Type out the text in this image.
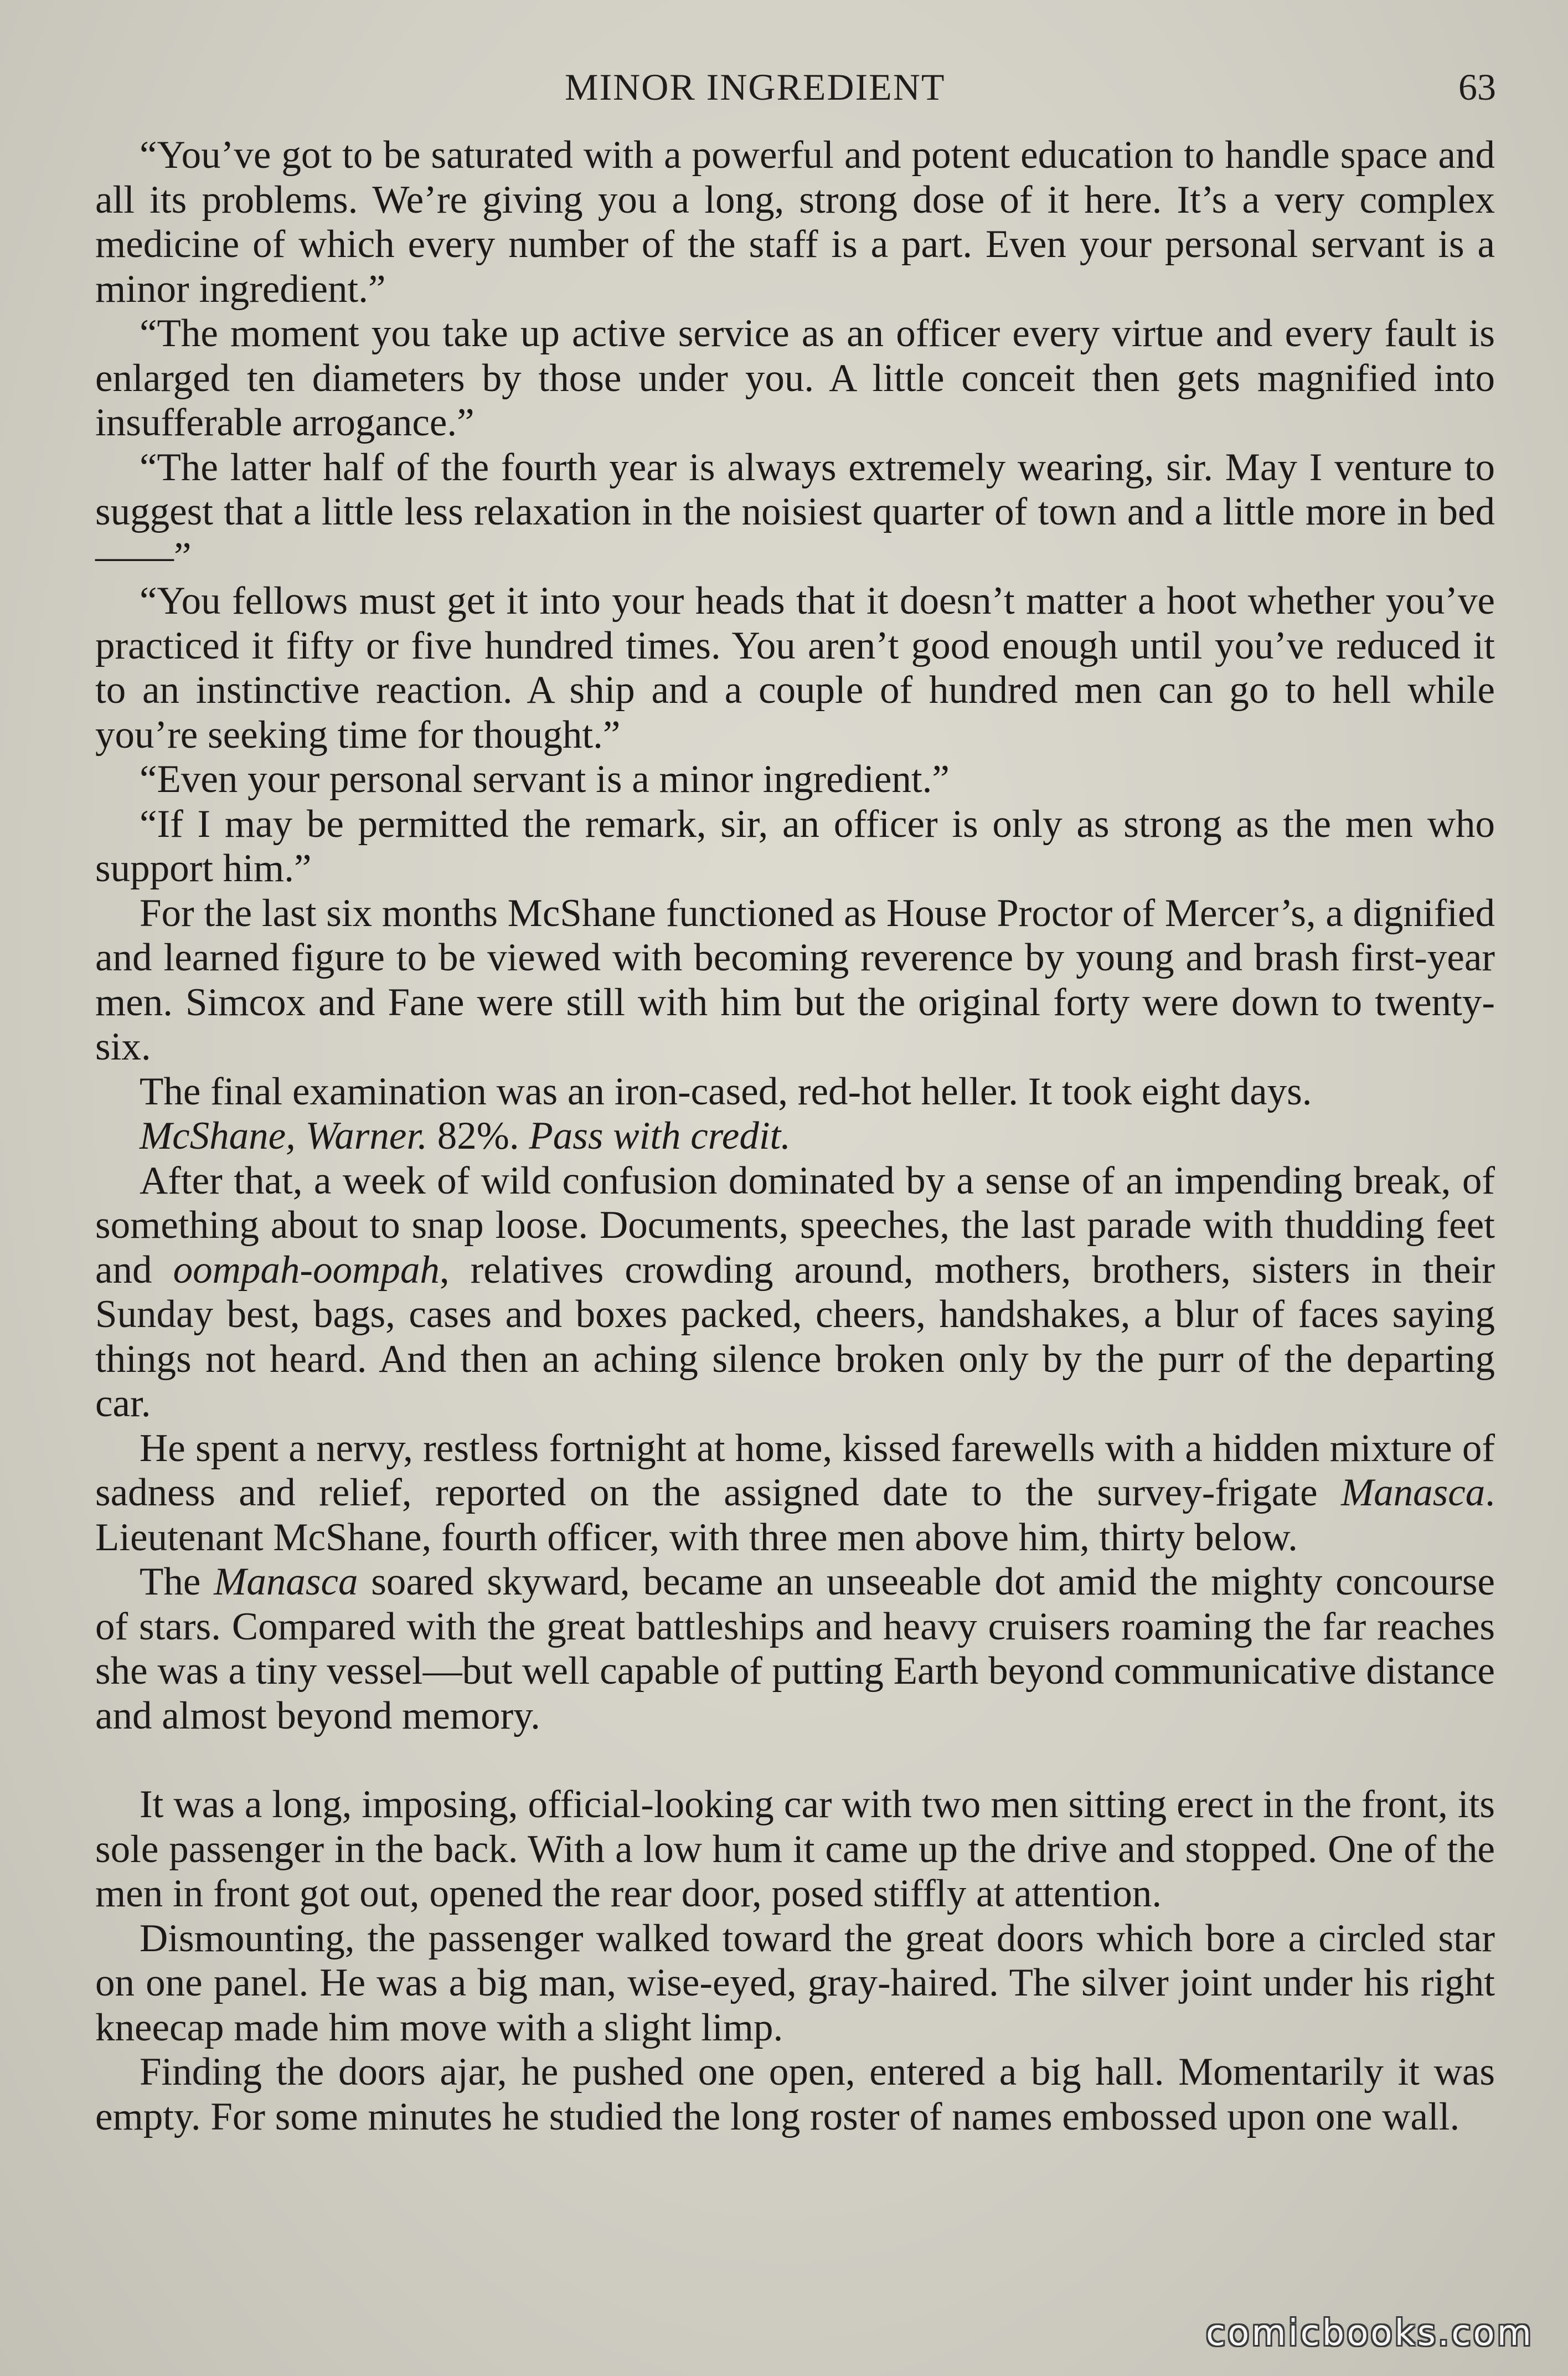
MINOR INGREDIENT	63

“You’ve got to be saturated with a powerful and potent education to handle space and all its problems. We’re giving you a long, strong dose of it here. It’s a very complex medicine of which every number of the staff is a part. Even your personal servant is a minor ingredient.”

“The moment you take up active service as an officer every virtue and every fault is enlarged ten diameters by those under you. A little conceit then gets magnified into insufferable arrogance.”

“The latter half of the fourth year is always extremely wearing, sir. May I venture to suggest that a little less relaxation in the noisiest quarter of town and a little more in bed——”

“You fellows must get it into your heads that it doesn’t matter a hoot whether you’ve practiced it fifty or five hundred times. You aren’t good enough until you’ve reduced it to an instinctive reaction. A ship and a couple of hundred men can go to hell while you’re seeking time for thought.”

“Even your personal servant is a minor ingredient.”

“If I may be permitted the remark, sir, an officer is only as strong as the men who support him.”

For the last six months McShane functioned as House Proctor of Mercer’s, a dignified and learned figure to be viewed with becoming reverence by young and brash first-year men. Simcox and Fane were still with him but the original forty were down to twenty-six.

The final examination was an iron-cased, red-hot heller. It took eight days.

McShane, Warner. 82%. Pass with credit.

After that, a week of wild confusion dominated by a sense of an impending break, of something about to snap loose. Documents, speeches, the last parade with thudding feet and oompah-oompah, relatives crowding around, mothers, brothers, sisters in their Sunday best, bags, cases and boxes packed, cheers, handshakes, a blur of faces saying things not heard. And then an aching silence broken only by the purr of the departing car.

He spent a nervy, restless fortnight at home, kissed farewells with a hidden mixture of sadness and relief, reported on the assigned date to the survey-frigate Manasca. Lieutenant McShane, fourth officer, with three men above him, thirty below.

The Manasca soared skyward, became an unseeable dot amid the mighty concourse of stars. Compared with the great battleships and heavy cruisers roaming the far reaches she was a tiny vessel—but well capable of putting Earth beyond communicative distance and almost beyond memory.

It was a long, imposing, official-looking car with two men sitting erect in the front, its sole passenger in the back. With a low hum it came up the drive and stopped. One of the men in front got out, opened the rear door, posed stiffly at attention.

Dismounting, the passenger walked toward the great doors which bore a circled star on one panel. He was a big man, wise-eyed, gray-haired. The silver joint under his right kneecap made him move with a slight limp.

Finding the doors ajar, he pushed one open, entered a big hall. Momentarily it was empty. For some minutes he studied the long roster of names embossed upon one wall.

comicbooks.com
